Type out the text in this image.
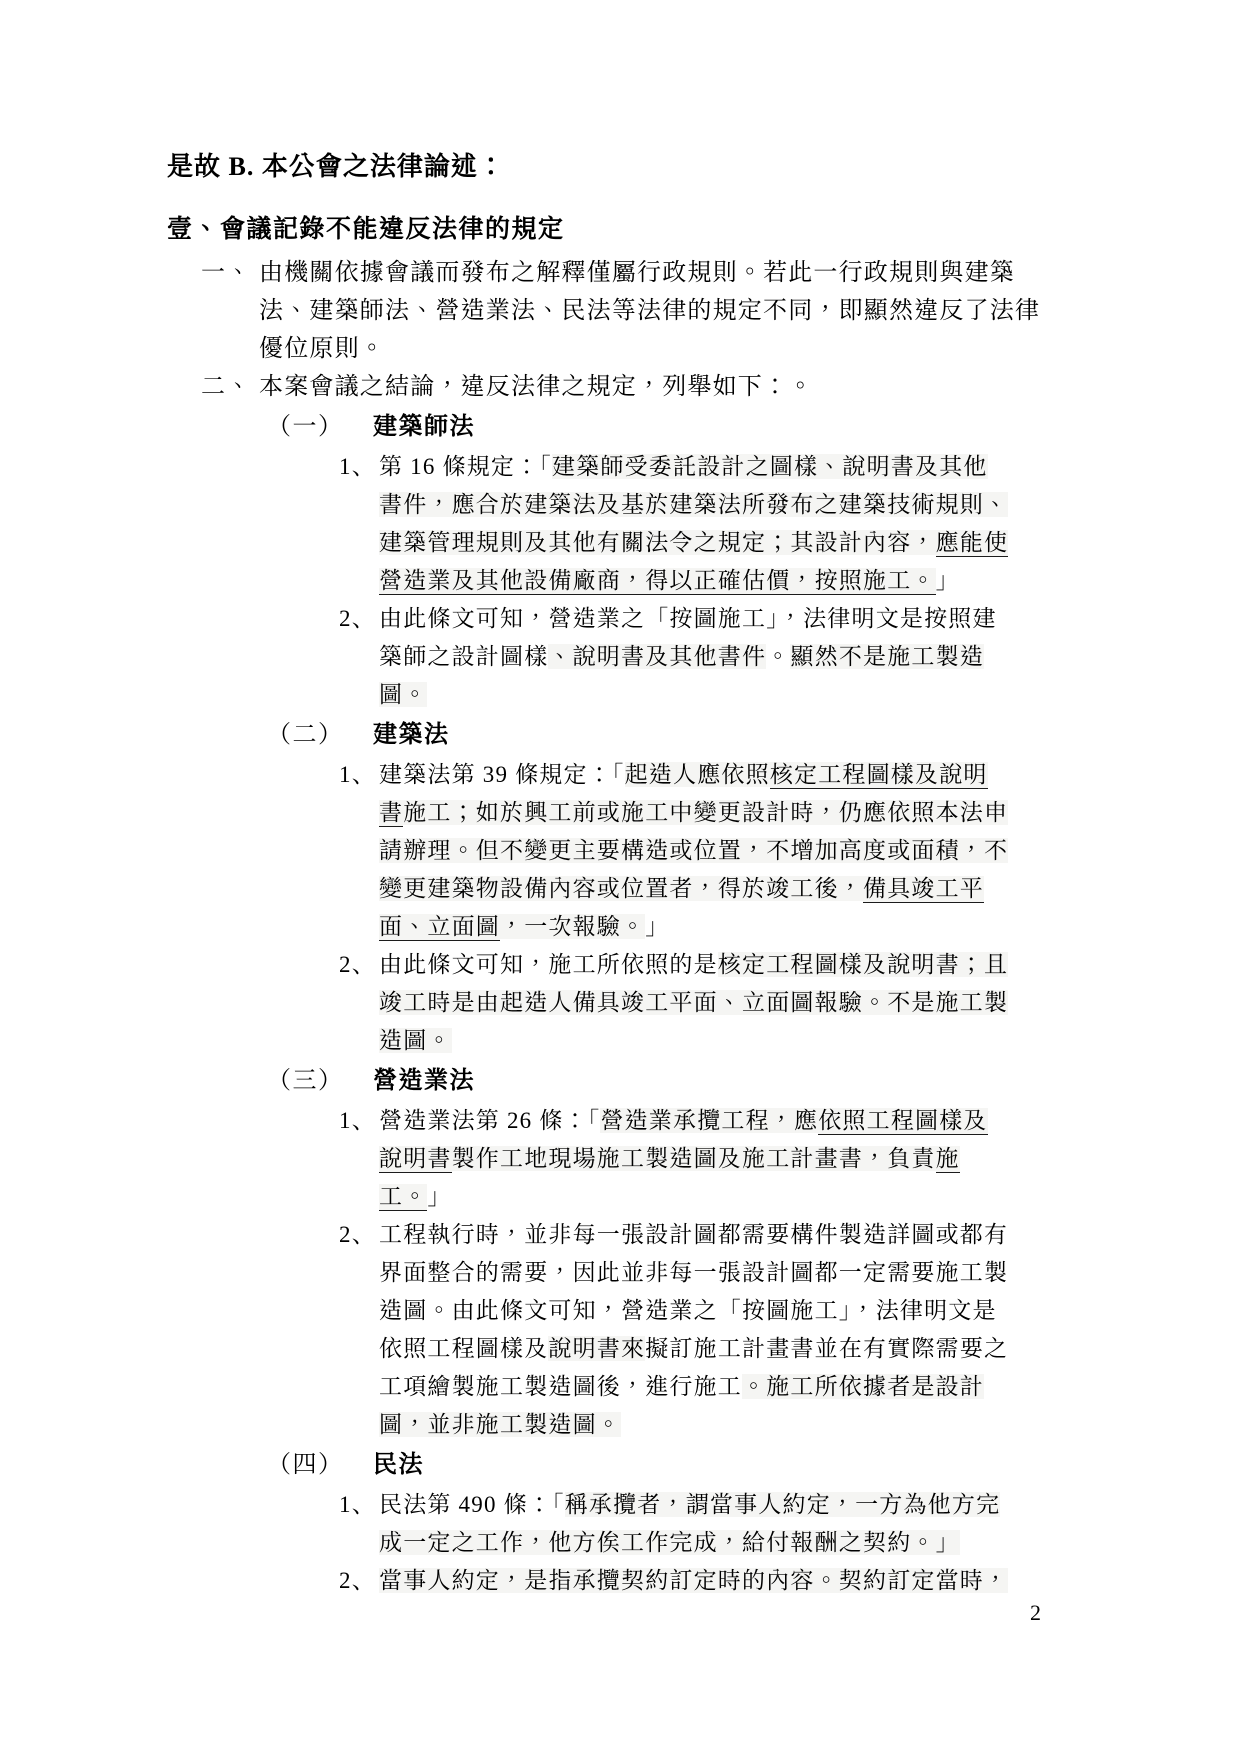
是故 B. 本公會之法律論述：

壹、會議記錄不能違反法律的規定

一、 由機關依據會議而發布之解釋僅屬行政規則。若此一行政規則與建築法、建築師法、營造業法、民法等法律的規定不同，即顯然違反了法律優位原則。
二、 本案會議之結論，違反法律之規定，列舉如下：。
（一）	建築師法
1、 第 16 條規定：「建築師受委託設計之圖樣、說明書及其他書件，應合於建築法及基於建築法所發布之建築技術規則、建築管理規則及其他有關法令之規定；其設計內容，應能使營造業及其他設備廠商，得以正確估價，按照施工。」
2、 由此條文可知，營造業之「按圖施工」，法律明文是按照建築師之設計圖樣、說明書及其他書件。顯然不是施工製造圖。
（二）	建築法
1、 建築法第 39 條規定：「起造人應依照核定工程圖樣及說明書施工；如於興工前或施工中變更設計時，仍應依照本法申請辦理。但不變更主要構造或位置，不增加高度或面積，不變更建築物設備內容或位置者，得於竣工後，備具竣工平面、立面圖，一次報驗。」
2、 由此條文可知，施工所依照的是核定工程圖樣及說明書；且竣工時是由起造人備具竣工平面、立面圖報驗。不是施工製造圖。
（三）	營造業法
1、 營造業法第 26 條：「營造業承攬工程，應依照工程圖樣及說明書製作工地現場施工製造圖及施工計畫書，負責施工。」
2、 工程執行時，並非每一張設計圖都需要構件製造詳圖或都有界面整合的需要，因此並非每一張設計圖都一定需要施工製造圖。由此條文可知，營造業之「按圖施工」，法律明文是依照工程圖樣及說明書來擬訂施工計畫書並在有實際需要之工項繪製施工製造圖後，進行施工。施工所依據者是設計圖，並非施工製造圖。
（四）	民法
1、 民法第 490 條：「稱承攬者，謂當事人約定，一方為他方完成一定之工作，他方俟工作完成，給付報酬之契約。」
2、 當事人約定，是指承攬契約訂定時的內容。契約訂定當時，
2
